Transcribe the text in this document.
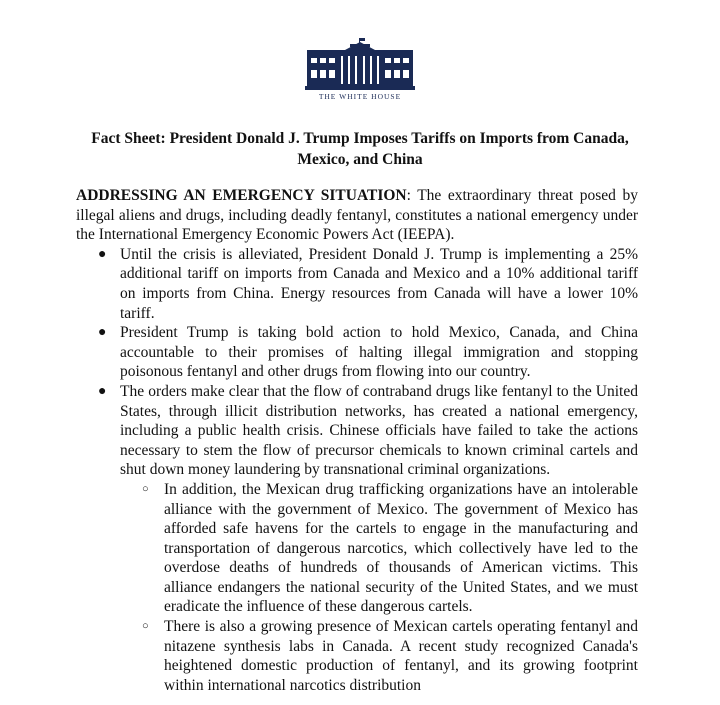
THE WHITE HOUSE
Fact Sheet: President Donald J. Trump Imposes Tariffs on Imports from Canada,
Mexico, and China

ADDRESSING AN EMERGENCY SITUATION: The extraordinary threat posed by illegal aliens and drugs, including deadly fentanyl, constitutes a national emergency under the International Emergency Economic Powers Act (IEEPA).

● Until the crisis is alleviated, President Donald J. Trump is implementing a 25% additional tariff on imports from Canada and Mexico and a 10% additional tariff on imports from China. Energy resources from Canada will have a lower 10% tariff.
● President Trump is taking bold action to hold Mexico, Canada, and China accountable to their promises of halting illegal immigration and stopping poisonous fentanyl and other drugs from flowing into our country.
● The orders make clear that the flow of contraband drugs like fentanyl to the United States, through illicit distribution networks, has created a national emergency, including a public health crisis. Chinese officials have failed to take the actions necessary to stem the flow of precursor chemicals to known criminal cartels and shut down money laundering by transnational criminal organizations.
○ In addition, the Mexican drug trafficking organizations have an intolerable alliance with the government of Mexico. The government of Mexico has afforded safe havens for the cartels to engage in the manufacturing and transportation of dangerous narcotics, which collectively have led to the overdose deaths of hundreds of thousands of American victims. This alliance endangers the national security of the United States, and we must eradicate the influence of these dangerous cartels.
○ There is also a growing presence of Mexican cartels operating fentanyl and nitazene synthesis labs in Canada. A recent study recognized Canada's heightened domestic production of fentanyl, and its growing footprint within international narcotics distribution
